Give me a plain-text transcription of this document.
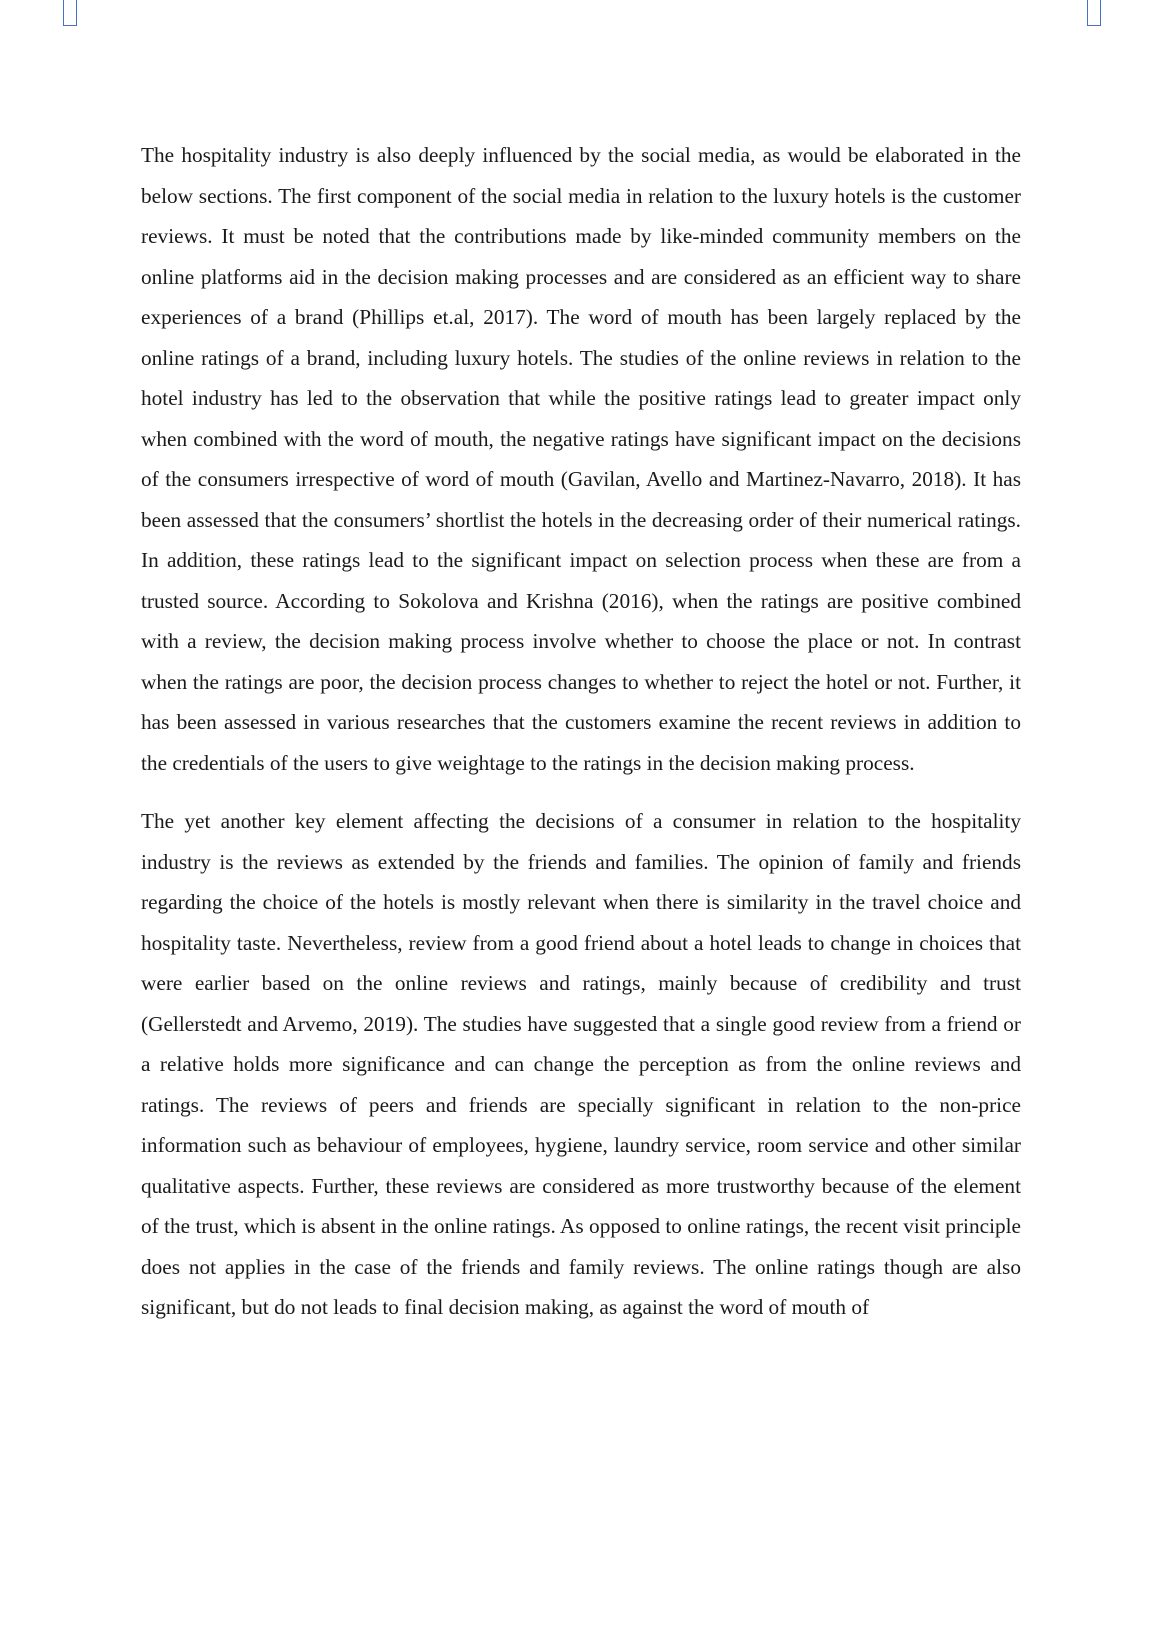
The hospitality industry is also deeply influenced by the social media, as would be elaborated in the below sections. The first component of the social media in relation to the luxury hotels is the customer reviews. It must be noted that the contributions made by like-minded community members on the online platforms aid in the decision making processes and are considered as an efficient way to share experiences of a brand (Phillips et.al, 2017). The word of mouth has been largely replaced by the online ratings of a brand, including luxury hotels. The studies of the online reviews in relation to the hotel industry has led to the observation that while the positive ratings lead to greater impact only when combined with the word of mouth, the negative ratings have significant impact on the decisions of the consumers irrespective of word of mouth (Gavilan, Avello and Martinez-Navarro, 2018). It has been assessed that the consumers’ shortlist the hotels in the decreasing order of their numerical ratings. In addition, these ratings lead to the significant impact on selection process when these are from a trusted source. According to Sokolova and Krishna (2016), when the ratings are positive combined with a review, the decision making process involve whether to choose the place or not. In contrast when the ratings are poor, the decision process changes to whether to reject the hotel or not. Further, it has been assessed in various researches that the customers examine the recent reviews in addition to the credentials of the users to give weightage to the ratings in the decision making process.

The yet another key element affecting the decisions of a consumer in relation to the hospitality industry is the reviews as extended by the friends and families. The opinion of family and friends regarding the choice of the hotels is mostly relevant when there is similarity in the travel choice and hospitality taste. Nevertheless, review from a good friend about a hotel leads to change in choices that were earlier based on the online reviews and ratings, mainly because of credibility and trust (Gellerstedt and Arvemo, 2019). The studies have suggested that a single good review from a friend or a relative holds more significance and can change the perception as from the online reviews and ratings. The reviews of peers and friends are specially significant in relation to the non-price information such as behaviour of employees, hygiene, laundry service, room service and other similar qualitative aspects. Further, these reviews are considered as more trustworthy because of the element of the trust, which is absent in the online ratings. As opposed to online ratings, the recent visit principle does not applies in the case of the friends and family reviews. The online ratings though are also significant, but do not leads to final decision making, as against the word of mouth of
